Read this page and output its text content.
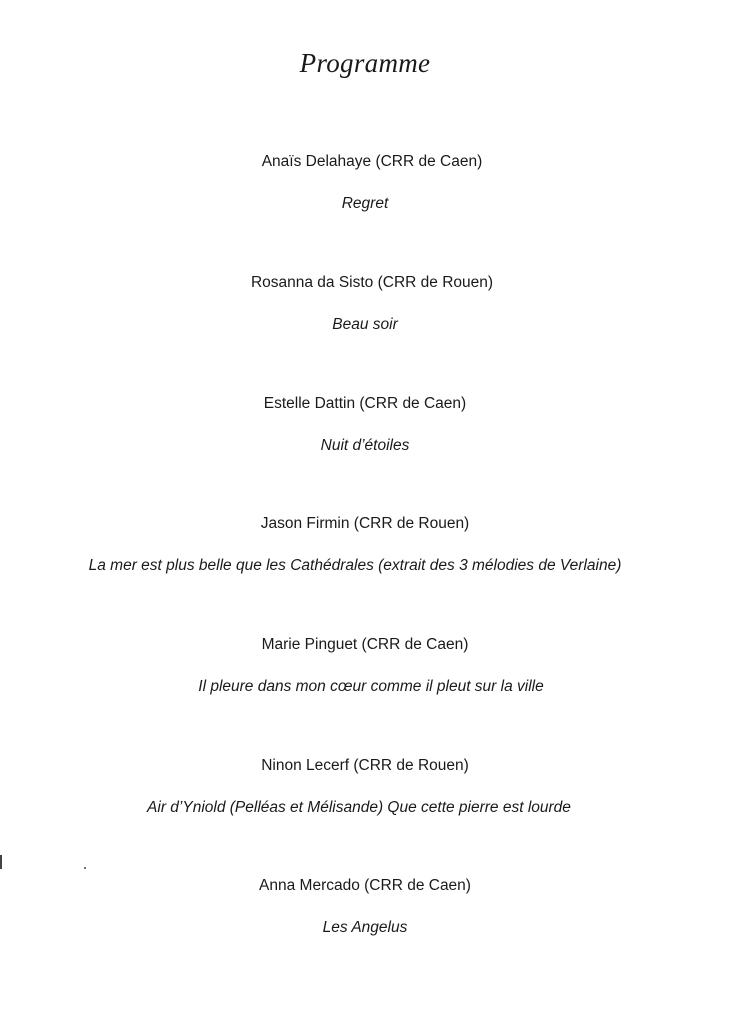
Programme
Anaïs Delahaye (CRR de Caen)
Regret
Rosanna da Sisto (CRR de Rouen)
Beau soir
Estelle Dattin (CRR de Caen)
Nuit d’étoiles
Jason Firmin (CRR de Rouen)
La mer est plus belle que les Cathédrales (extrait des 3 mélodies de Verlaine)
Marie Pinguet (CRR de Caen)
Il pleure dans mon cœur comme il pleut sur la ville
Ninon Lecerf (CRR de Rouen)
Air d’Yniold (Pelléas et Mélisande) Que cette pierre est lourde
Anna Mercado (CRR de Caen)
Les Angelus
